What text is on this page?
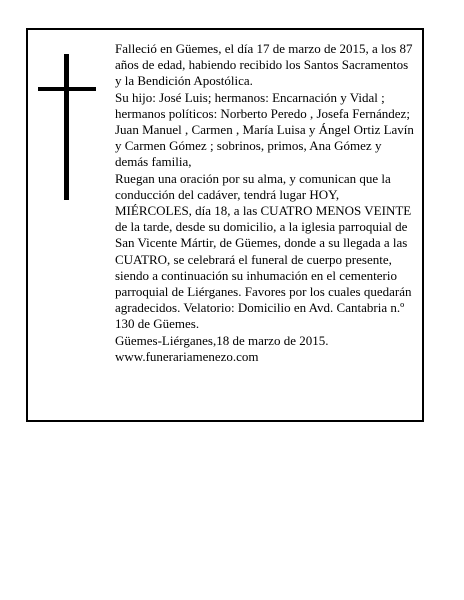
Falleció en Güemes, el día 17 de marzo de 2015, a los 87 años de edad, habiendo recibido los Santos Sacramentos y la Bendición Apostólica.

Su hijo: José Luis; hermanos: Encarnación y Vidal ; hermanos políticos: Norberto Peredo , Josefa Fernández; Juan Manuel , Carmen , María Luisa y Ángel Ortiz Lavín y Carmen Gómez ; sobrinos, primos, Ana Gómez y demás familia,

Ruegan una oración por su alma, y comunican que la conducción del cadáver, tendrá lugar HOY, MIÉRCOLES, día 18, a las CUATRO MENOS VEINTE de la tarde, desde su domicilio, a la iglesia parroquial de San Vicente Mártir, de Güemes, donde a su llegada a las CUATRO, se celebrará el funeral de cuerpo presente, siendo a continuación su inhumación en el cementerio parroquial de Liérganes. Favores por los cuales quedarán agradecidos. Velatorio: Domicilio en Avd. Cantabria n.º 130 de Güemes.

Güemes-Liérganes,18 de marzo de 2015.

www.funerariamenezo.com
